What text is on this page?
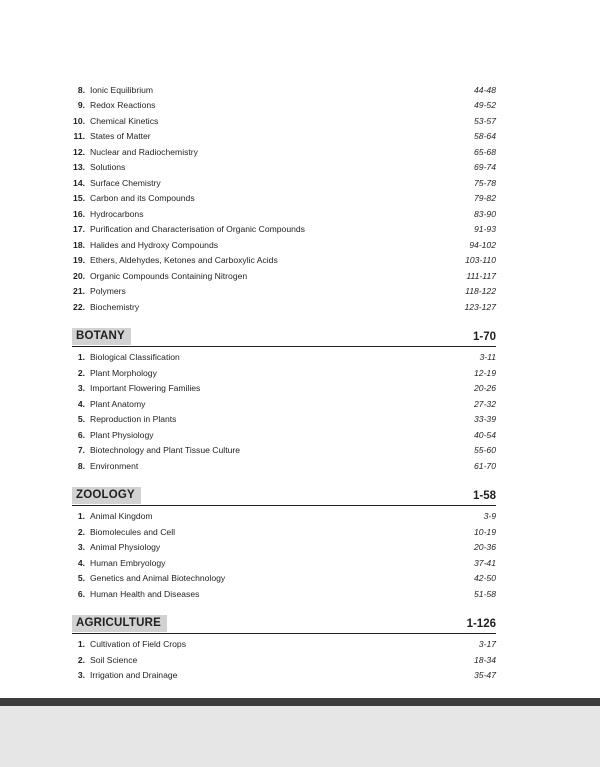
8. Ionic Equilibrium	44-48
9. Redox Reactions	49-52
10. Chemical Kinetics	53-57
11. States of Matter	58-64
12. Nuclear and Radiochemistry	65-68
13. Solutions	69-74
14. Surface Chemistry	75-78
15. Carbon and its Compounds	79-82
16. Hydrocarbons	83-90
17. Purification and Characterisation of Organic Compounds	91-93
18. Halides and Hydroxy Compounds	94-102
19. Ethers, Aldehydes, Ketones and Carboxylic Acids	103-110
20. Organic Compounds Containing Nitrogen	111-117
21. Polymers	118-122
22. Biochemistry	123-127
BOTANY	1-70
1. Biological Classification	3-11
2. Plant Morphology	12-19
3. Important Flowering Families	20-26
4. Plant Anatomy	27-32
5. Reproduction in Plants	33-39
6. Plant Physiology	40-54
7. Biotechnology and Plant Tissue Culture	55-60
8. Environment	61-70
ZOOLOGY	1-58
1. Animal Kingdom	3-9
2. Biomolecules and Cell	10-19
3. Animal Physiology	20-36
4. Human Embryology	37-41
5. Genetics and Animal Biotechnology	42-50
6. Human Health and Diseases	51-58
AGRICULTURE	1-126
1. Cultivation of Field Crops	3-17
2. Soil Science	18-34
3. Irrigation and Drainage	35-47
